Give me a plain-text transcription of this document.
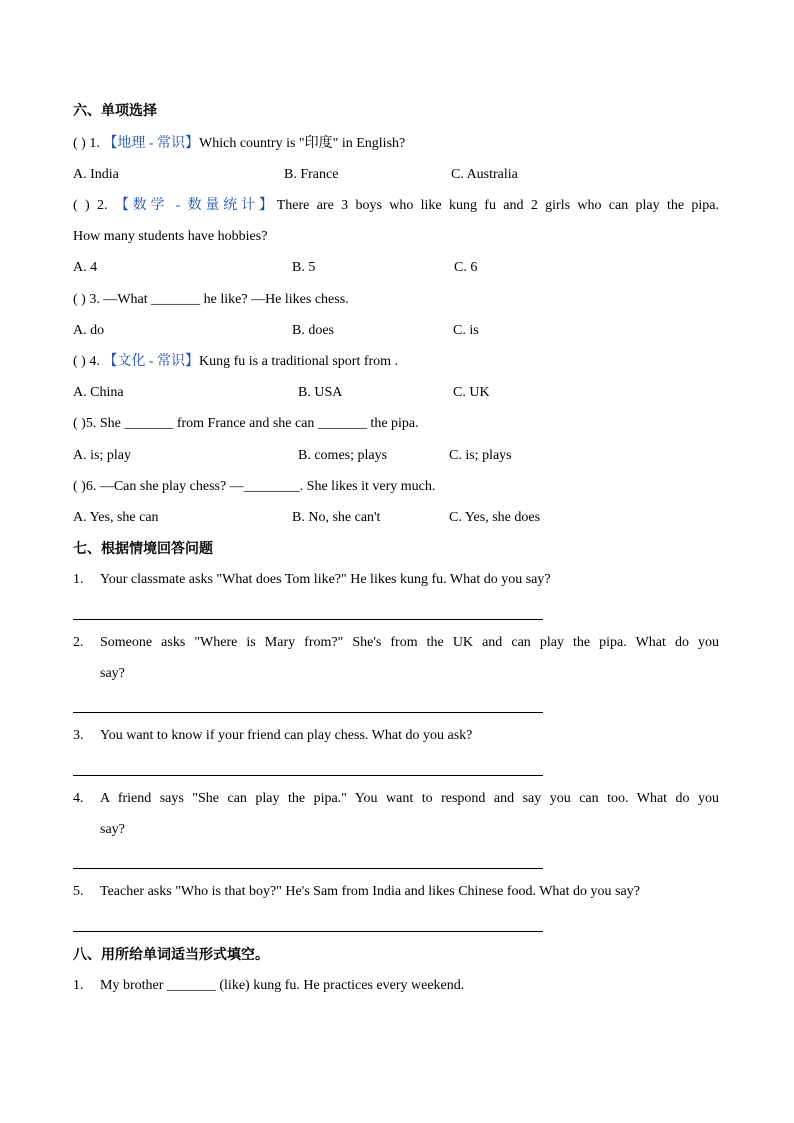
六、单项选择
( ) 1. 【地理 - 常识】Which country is "印度" in English?
A. India	B. France	C. Australia
( ) 2. 【数学 - 数量统计】There are 3 boys who like kung fu and 2 girls who can play the pipa.
How many students have hobbies?
A. 4	B. 5	C. 6
( ) 3. —What _______ he like? —He likes chess.
A. do	B. does	C. is
( ) 4. 【文化 - 常识】Kung fu is a traditional sport from .
A. China	B. USA	C. UK
( )5. She _______ from France and she can _______ the pipa.
A. is; play	B. comes; plays	C. is; plays
( )6. —Can she play chess? —________. She likes it very much.
A. Yes, she can	B. No, she can't	C. Yes, she does
七、根据情境回答问题
1. Your classmate asks "What does Tom like?" He likes kung fu. What do you say?
2. Someone asks "Where is Mary from?" She's from the UK and can play the pipa. What do you
say?
3. You want to know if your friend can play chess. What do you ask?
4. A friend says "She can play the pipa." You want to respond and say you can too. What do you
say?
5. Teacher asks "Who is that boy?" He's Sam from India and likes Chinese food. What do you say?
八、用所给单词适当形式填空。
1. My brother _______ (like) kung fu. He practices every weekend.
